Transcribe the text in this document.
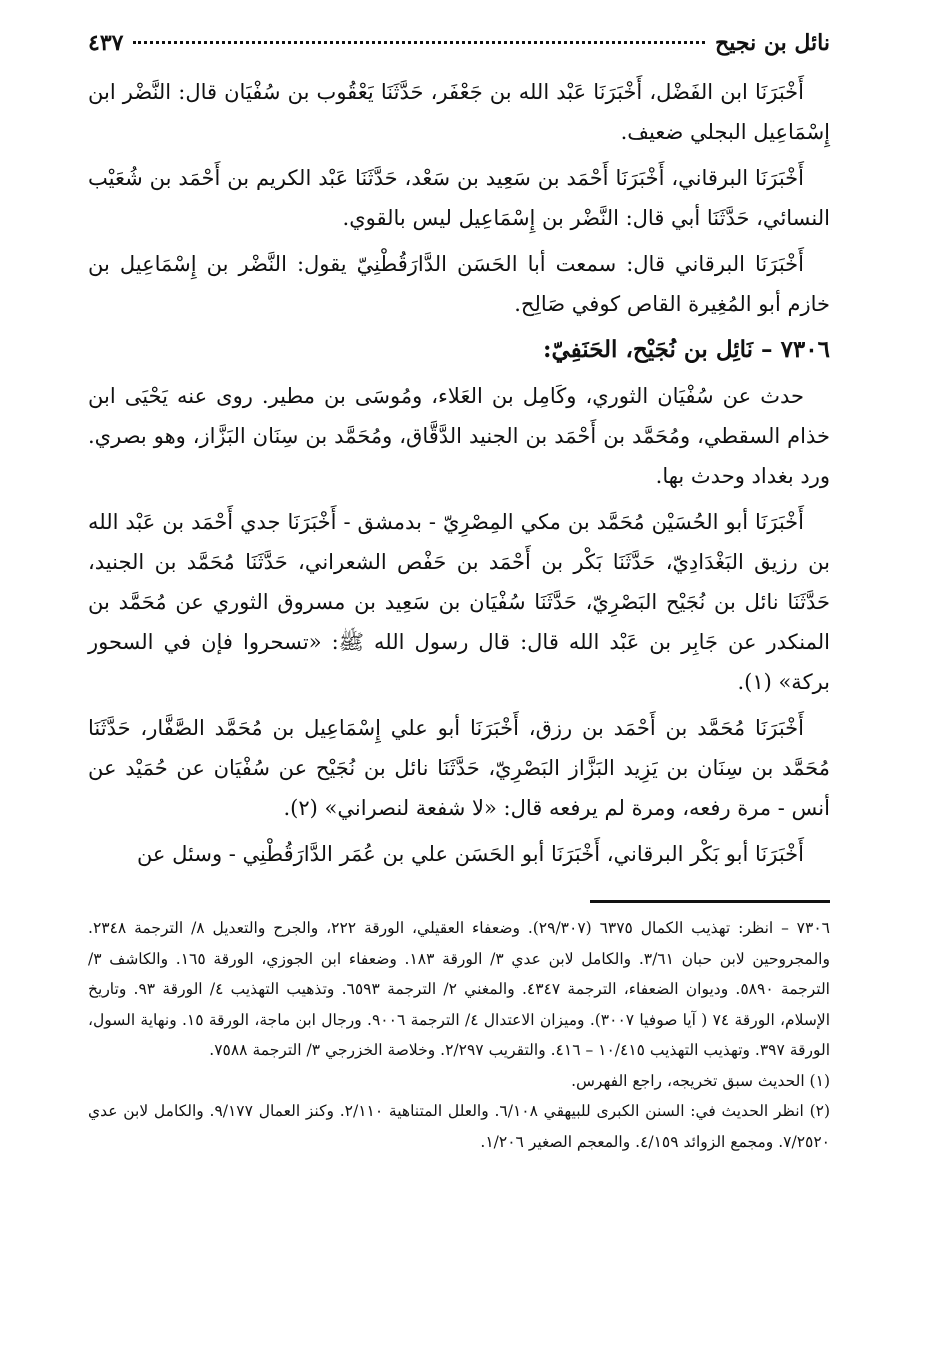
نائل بن نجيح
٤٣٧

أَخْبَرَنَا ابن الفَضْل، أَخْبَرَنَا عَبْد الله بن جَعْفَر، حَدَّثَنَا يَعْقُوب بن سُفْيَان قال: النَّضْر ابن إِسْمَاعِيل البجلي ضعيف.

أَخْبَرَنَا البرقاني، أَخْبَرَنَا أَحْمَد بن سَعِيد بن سَعْد، حَدَّثَنَا عَبْد الكريم بن أَحْمَد بن شُعَيْب النسائي، حَدَّثَنَا أبي قال: النَّضْر بن إِسْمَاعِيل ليس بالقوي.

أَخْبَرَنَا البرقاني قال: سمعت أبا الحَسَن الدَّارَقُطْنِيّ يقول: النَّضْر بن إِسْمَاعِيل بن خازم أبو المُغِيرة القاص كوفي صَالِح.

٧٣٠٦ – نَائِل بن نُجَيْح، الحَنَفِيّ:

حدث عن سُفْيَان الثوري، وكَامِل بن العَلاء، ومُوسَى بن مطير. روى عنه يَحْيَى ابن خذام السقطي، ومُحَمَّد بن أَحْمَد بن الجنيد الدَّقَّاق، ومُحَمَّد بن سِنَان البَزَّاز، وهو بصري. ورد بغداد وحدث بها.

أَخْبَرَنَا أبو الحُسَيْن مُحَمَّد بن مكي المِصْرِيّ - بدمشق - أَخْبَرَنَا جدي أَحْمَد بن عَبْد الله بن رزيق البَغْدَادِيّ، حَدَّثَنَا بَكْر بن أَحْمَد بن حَفْص الشعراني، حَدَّثَنَا مُحَمَّد بن الجنيد، حَدَّثَنَا نائل بن نُجَيْح البَصْرِيّ، حَدَّثَنَا سُفْيَان بن سَعِيد بن مسروق الثوري عن مُحَمَّد بن المنكدر عن جَابِر بن عَبْد الله قال: قال رسول الله ﷺ: «تسحروا فإن في السحور بركة» (١).

أَخْبَرَنَا مُحَمَّد بن أَحْمَد بن رزق، أَخْبَرَنَا أبو علي إِسْمَاعِيل بن مُحَمَّد الصَّفَّار، حَدَّثَنَا مُحَمَّد بن سِنَان بن يَزِيد البَزَّاز البَصْرِيّ، حَدَّثَنَا نائل بن نُجَيْح عن سُفْيَان عن حُمَيْد عن أنس - مرة رفعه، ومرة لم يرفعه قال: «لا شفعة لنصراني» (٢).

أَخْبَرَنَا أبو بَكْر البرقاني، أَخْبَرَنَا أبو الحَسَن علي بن عُمَر الدَّارَقُطْنِي - وسئل عن

٧٣٠٦ – انظر: تهذيب الكمال ٦٣٧٥ (٢٩/٣٠٧). وضعفاء العقيلي، الورقة ٢٢٢، والجرح والتعديل ٨/ الترجمة ٢٣٤٨. والمجروحين لابن حبان ٣/٦١. والكامل لابن عدي ٣/ الورقة ١٨٣. وضعفاء ابن الجوزي، الورقة ١٦٥. والكاشف ٣/ الترجمة ٥٨٩٠. وديوان الضعفاء، الترجمة ٤٣٤٧. والمغني ٢/ الترجمة ٦٥٩٣. وتذهيب التهذيب ٤/ الورقة ٩٣. وتاريخ الإسلام، الورقة ٧٤ ( آيا صوفيا ٣٠٠٧). وميزان الاعتدال ٤/ الترجمة ٩٠٠٦. ورجال ابن ماجة، الورقة ١٥. ونهاية السول، الورقة ٣٩٧. وتهذيب التهذيب ١٠/٤١٥ – ٤١٦. والتقريب ٢/٢٩٧. وخلاصة الخزرجي ٣/ الترجمة ٧٥٨٨.

(١) الحديث سبق تخريجه، راجع الفهرس.

(٢) انظر الحديث في: السنن الكبرى للبيهقي ٦/١٠٨. والعلل المتناهية ٢/١١٠. وكنز العمال ٩/١٧٧. والكامل لابن عدي ٧/٢٥٢٠. ومجمع الزوائد ٤/١٥٩. والمعجم الصغير ١/٢٠٦.
